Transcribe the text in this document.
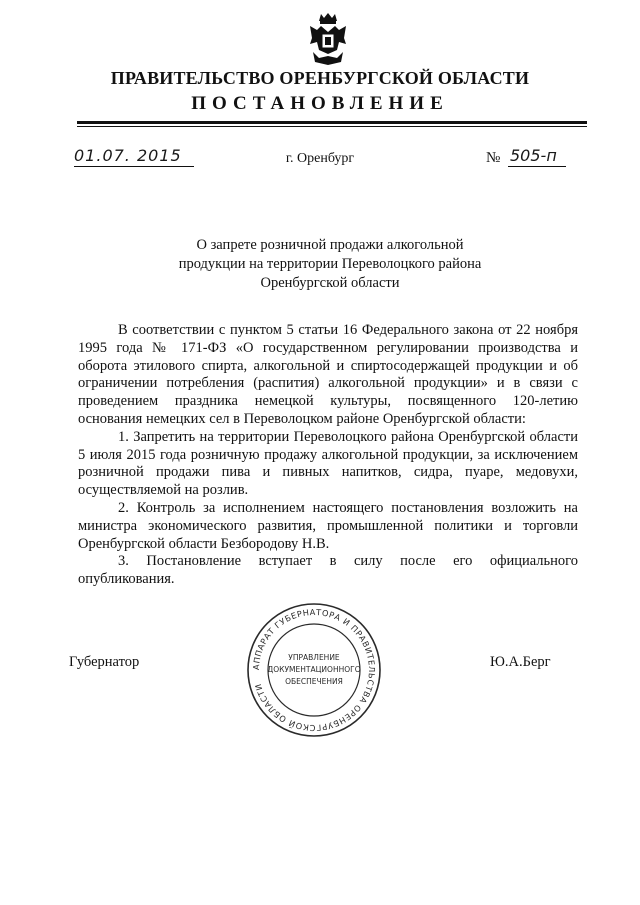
ПРАВИТЕЛЬСТВО ОРЕНБУРГСКОЙ ОБЛАСТИ
ПОСТАНОВЛЕНИЕ
01.07. 2015	г. Оренбург	№ 505-п
О запрете розничной продажи алкогольной
продукции на территории Переволоцкого района
Оренбургской области

В соответствии с пунктом 5 статьи 16 Федерального закона от 22 ноября 1995 года № 171-ФЗ «О государственном регулировании производства и оборота этилового спирта, алкогольной и спиртосодержащей продукции и об ограничении потребления (распития) алкогольной продукции» и в связи с проведением праздника немецкой культуры, посвященного 120-летию основания немецких сел в Переволоцком районе Оренбургской области:

1. Запретить на территории Переволоцкого района Оренбургской области 5 июля 2015 года розничную продажу алкогольной продукции, за исключением розничной продажи пива и пивных напитков, сидра, пуаре, медовухи, осуществляемой на розлив.

2. Контроль за исполнением настоящего постановления возложить на министра экономического развития, промышленной политики и торговли Оренбургской области Безбородову Н.В.

3. Постановление вступает в силу после его официального опубликования.

Губернатор	Ю.А.Берг
АППАРАТ ГУБЕРНАТОРА И ПРАВИТЕЛЬСТВА ОРЕНБУРГСКОЙ ОБЛАСТИ
УПРАВЛЕНИЕ
ДОКУМЕНТАЦИОННОГО
ОБЕСПЕЧЕНИЯ
